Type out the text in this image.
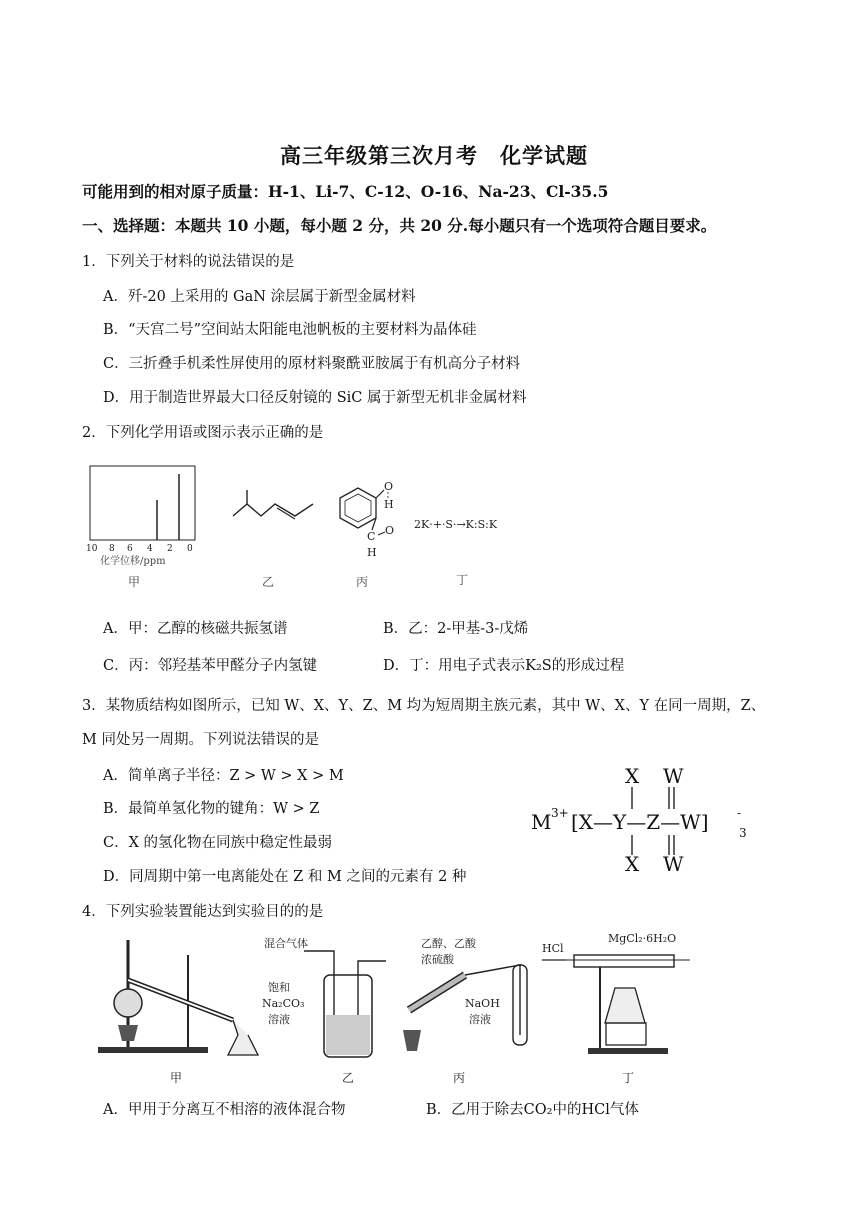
高三年级第三次月考　化学试题
可能用到的相对原子质量：H-1、Li-7、C-12、O-16、Na-23、Cl-35.5
一、选择题：本题共 10 小题，每小题 2 分，共 20 分.每小题只有一个选项符合题目要求。
1．下列关于材料的说法错误的是
A．歼-20 上采用的 GaN 涂层属于新型金属材料
B．“天宫二号”空间站太阳能电池帆板的主要材料为晶体硅
C．三折叠手机柔性屏使用的原材料聚酰亚胺属于有机高分子材料
D．用于制造世界最大口径反射镜的 SiC 属于新型无机非金属材料
2．下列化学用语或图示表示正确的是
10 8 6 4 2 0
化学位移/ppm
甲	乙
O
H
C O
H
丙
2K·+·S·→K:S:K
丁
A．甲：乙醇的核磁共振氢谱	B．乙：2-甲基-3-戊烯
C．丙：邻羟基苯甲醛分子内氢键	D．丁：用电子式表示K₂S的形成过程
3．某物质结构如图所示，已知 W、X、Y、Z、M 均为短周期主族元素，其中 W、X、Y 在同一周期，Z、
M 同处另一周期。下列说法错误的是
A．简单离子半径：Z > W > X > M
B．最简单氢化物的键角：W > Z
C．X 的氢化物在同族中稳定性最弱
D．同周期中第一电离能处在 Z 和 M 之间的元素有 2 种
X W
M 3+ [X—Y—Z—W] -
3
X W
4．下列实验装置能达到实验目的的是
甲
混合气体
饱和
Na₂CO₃
溶液
乙
乙醇、乙酸
浓硫酸
NaOH
溶液
丙
HCl
MgCl₂·6H₂O
丁
A．甲用于分离互不相溶的液体混合物	B．乙用于除去CO₂中的HCl气体
